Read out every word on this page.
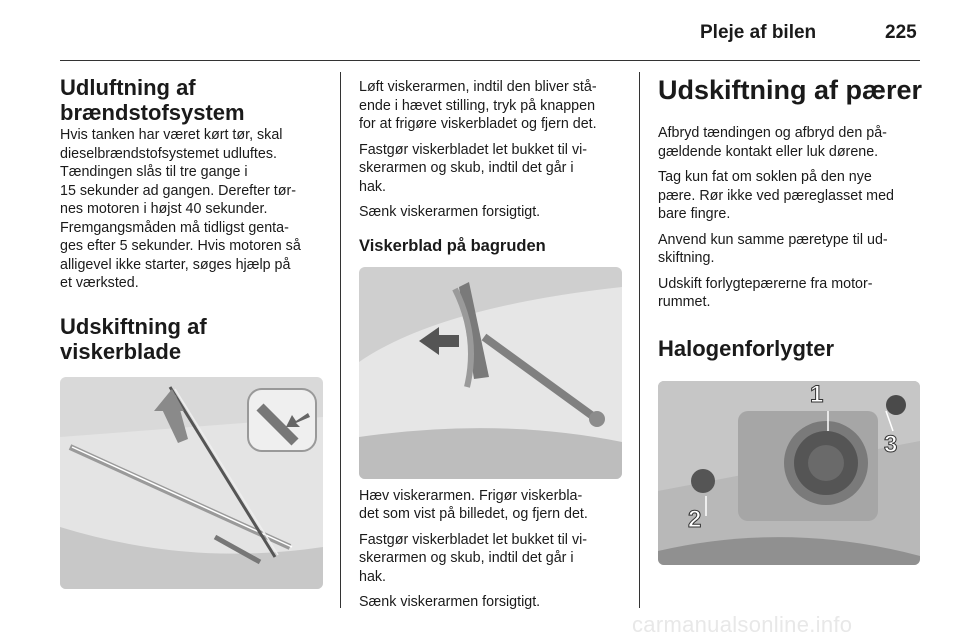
Pleje af bilen	225
Udluftning af
brændstofsystem

Hvis tanken har været kørt tør, skal

dieselbrændstofsystemet udluftes.

Tændingen slås til tre gange i

15 sekunder ad gangen. Derefter tør-

nes motoren i højst 40 sekunder.

Fremgangsmåden må tidligst genta-

ges efter 5 sekunder. Hvis motoren så

alligevel ikke starter, søges hjælp på

et værksted.

Udskiftning af viskerblade

Løft viskerarmen, indtil den bliver stå-

ende i hævet stilling, tryk på knappen

for at frigøre viskerbladet og fjern det.

Fastgør viskerbladet let bukket til vi-

skerarmen og skub, indtil det går i

hak.

Sænk viskerarmen forsigtigt.

Viskerblad på bagruden

Hæv viskerarmen. Frigør viskerbla-

det som vist på billedet, og fjern det.

Fastgør viskerbladet let bukket til vi-

skerarmen og skub, indtil det går i

hak.

Sænk viskerarmen forsigtigt.

Udskiftning af pærer

Afbryd tændingen og afbryd den på-

gældende kontakt eller luk dørene.

Tag kun fat om soklen på den nye

pære. Rør ikke ved pæreglasset med

bare fingre.

Anvend kun samme pæretype til ud-

skiftning.

Udskift forlygtepærerne fra motor-

rummet.

Halogenforlygter
1
2
3
carmanualsonline.info
